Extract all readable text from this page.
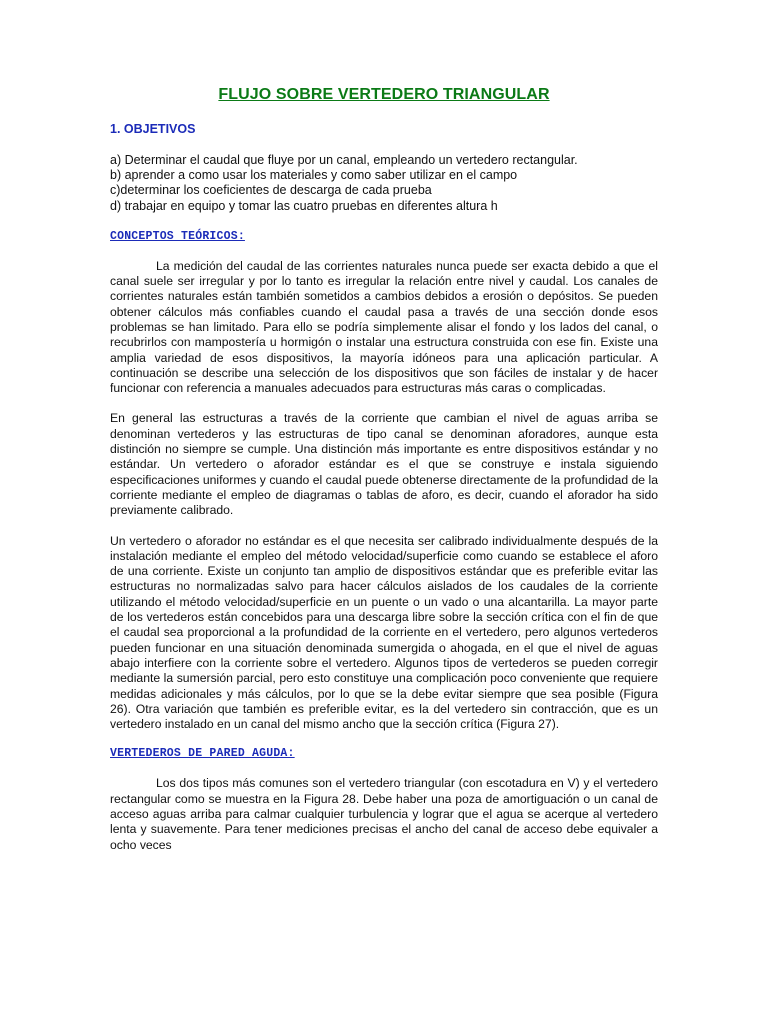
FLUJO SOBRE VERTEDERO TRIANGULAR
1. OBJETIVOS

a) Determinar el caudal que fluye por un canal, empleando un vertedero rectangular.

b) aprender a como usar los materiales y como saber utilizar en el campo

c)determinar los coeficientes de descarga de cada prueba

d) trabajar en equipo y tomar las cuatro pruebas en diferentes altura h

CONCEPTOS TEÓRICOS:

La medición del caudal de las corrientes naturales nunca puede ser exacta debido a que el canal suele ser irregular y por lo tanto es irregular la relación entre nivel y caudal. Los canales de corrientes naturales están también sometidos a cambios debidos a erosión o depósitos. Se pueden obtener cálculos más confiables cuando el caudal pasa a través de una sección donde esos problemas se han limitado. Para ello se podría simplemente alisar el fondo y los lados del canal, o recubrirlos con mampostería u hormigón o instalar una estructura construida con ese fin. Existe una amplia variedad de esos dispositivos, la mayoría idóneos para una aplicación particular. A continuación se describe una selección de los dispositivos que son fáciles de instalar y de hacer funcionar con referencia a manuales adecuados para estructuras más caras o complicadas.

En general las estructuras a través de la corriente que cambian el nivel de aguas arriba se denominan vertederos y las estructuras de tipo canal se denominan aforadores, aunque esta distinción no siempre se cumple. Una distinción más importante es entre dispositivos estándar y no estándar. Un vertedero o aforador estándar es el que se construye e instala siguiendo especificaciones uniformes y cuando el caudal puede obtenerse directamente de la profundidad de la corriente mediante el empleo de diagramas o tablas de aforo, es decir, cuando el aforador ha sido previamente calibrado.

Un vertedero o aforador no estándar es el que necesita ser calibrado individualmente después de la instalación mediante el empleo del método velocidad/superficie como cuando se establece el aforo de una corriente. Existe un conjunto tan amplio de dispositivos estándar que es preferible evitar las estructuras no normalizadas salvo para hacer cálculos aislados de los caudales de la corriente utilizando el método velocidad/superficie en un puente o un vado o una alcantarilla. La mayor parte de los vertederos están concebidos para una descarga libre sobre la sección crítica con el fin de que el caudal sea proporcional a la profundidad de la corriente en el vertedero, pero algunos vertederos pueden funcionar en una situación denominada sumergida o ahogada, en el que el nivel de aguas abajo interfiere con la corriente sobre el vertedero. Algunos tipos de vertederos se pueden corregir mediante la sumersión parcial, pero esto constituye una complicación poco conveniente que requiere medidas adicionales y más cálculos, por lo que se la debe evitar siempre que sea posible (Figura 26). Otra variación que también es preferible evitar, es la del vertedero sin contracción, que es un vertedero instalado en un canal del mismo ancho que la sección crítica (Figura 27).

VERTEDEROS DE PARED AGUDA:

Los dos tipos más comunes son el vertedero triangular (con escotadura en V) y el vertedero rectangular como se muestra en la Figura 28. Debe haber una poza de amortiguación o un canal de acceso aguas arriba para calmar cualquier turbulencia y lograr que el agua se acerque al vertedero lenta y suavemente. Para tener mediciones precisas el ancho del canal de acceso debe equivaler a ocho veces
